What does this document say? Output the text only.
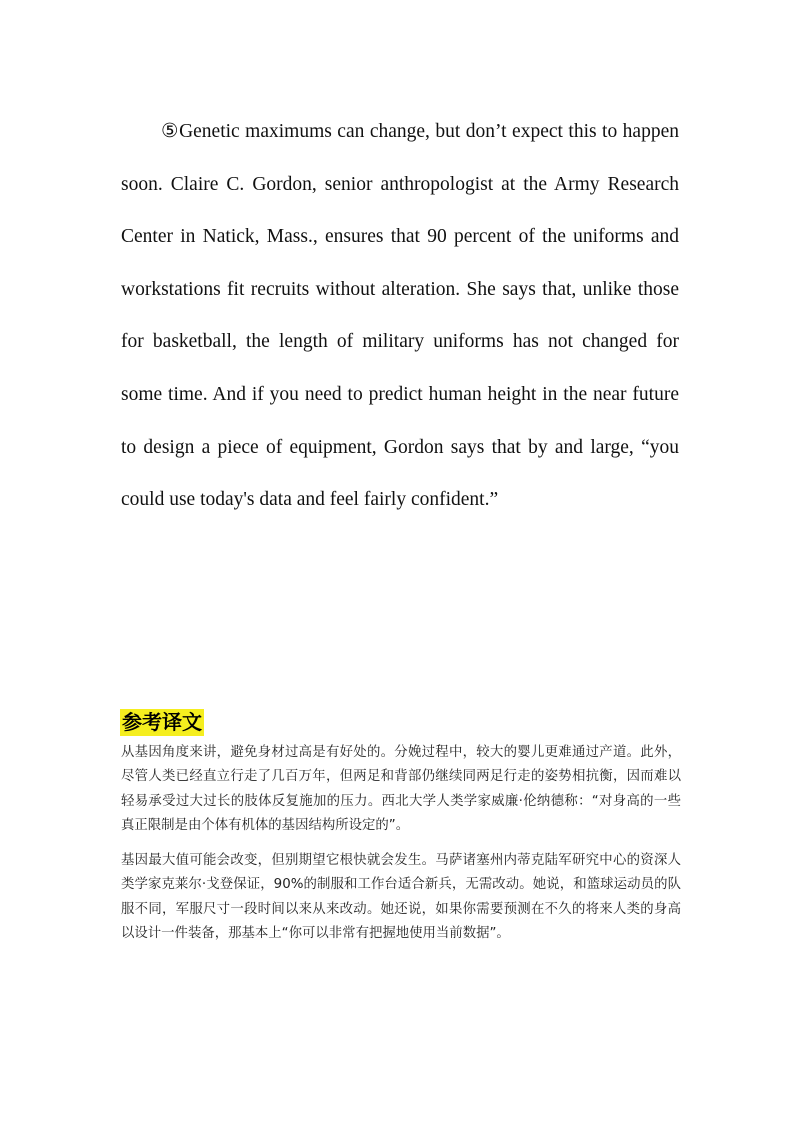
⑤Genetic maximums can change, but don’t expect this to happen soon. Claire C. Gordon, senior anthropologist at the Army Research Center in Natick, Mass., ensures that 90 percent of the uniforms and workstations fit recruits without alteration. She says that, unlike those for basketball, the length of military uniforms has not changed for some time. And if you need to predict human height in the near future to design a piece of equipment, Gordon says that by and large, “you could use today's data and feel fairly confident.”

参考译文

从基因角度来讲，避免身材过高是有好处的。分娩过程中，较大的婴儿更难通过产道。此外，尽管人类已经直立行走了几百万年，但两足和背部仍继续同两足行走的姿势相抗衡，因而难以轻易承受过大过长的肢体反复施加的压力。西北大学人类学家威廉·伦纳德称：“对身高的一些真正限制是由个体有机体的基因结构所设定的”。

基因最大值可能会改变，但别期望它根快就会发生。马萨诸塞州内蒂克陆军研究中心的资深人类学家克莱尔·戈登保证，90%的制服和工作台适合新兵，无需改动。她说，和篮球运动员的队服不同，军服尺寸一段时间以来从来改动。她还说，如果你需要预测在不久的将来人类的身高以设计一件装备，那基本上“你可以非常有把握地使用当前数据”。
